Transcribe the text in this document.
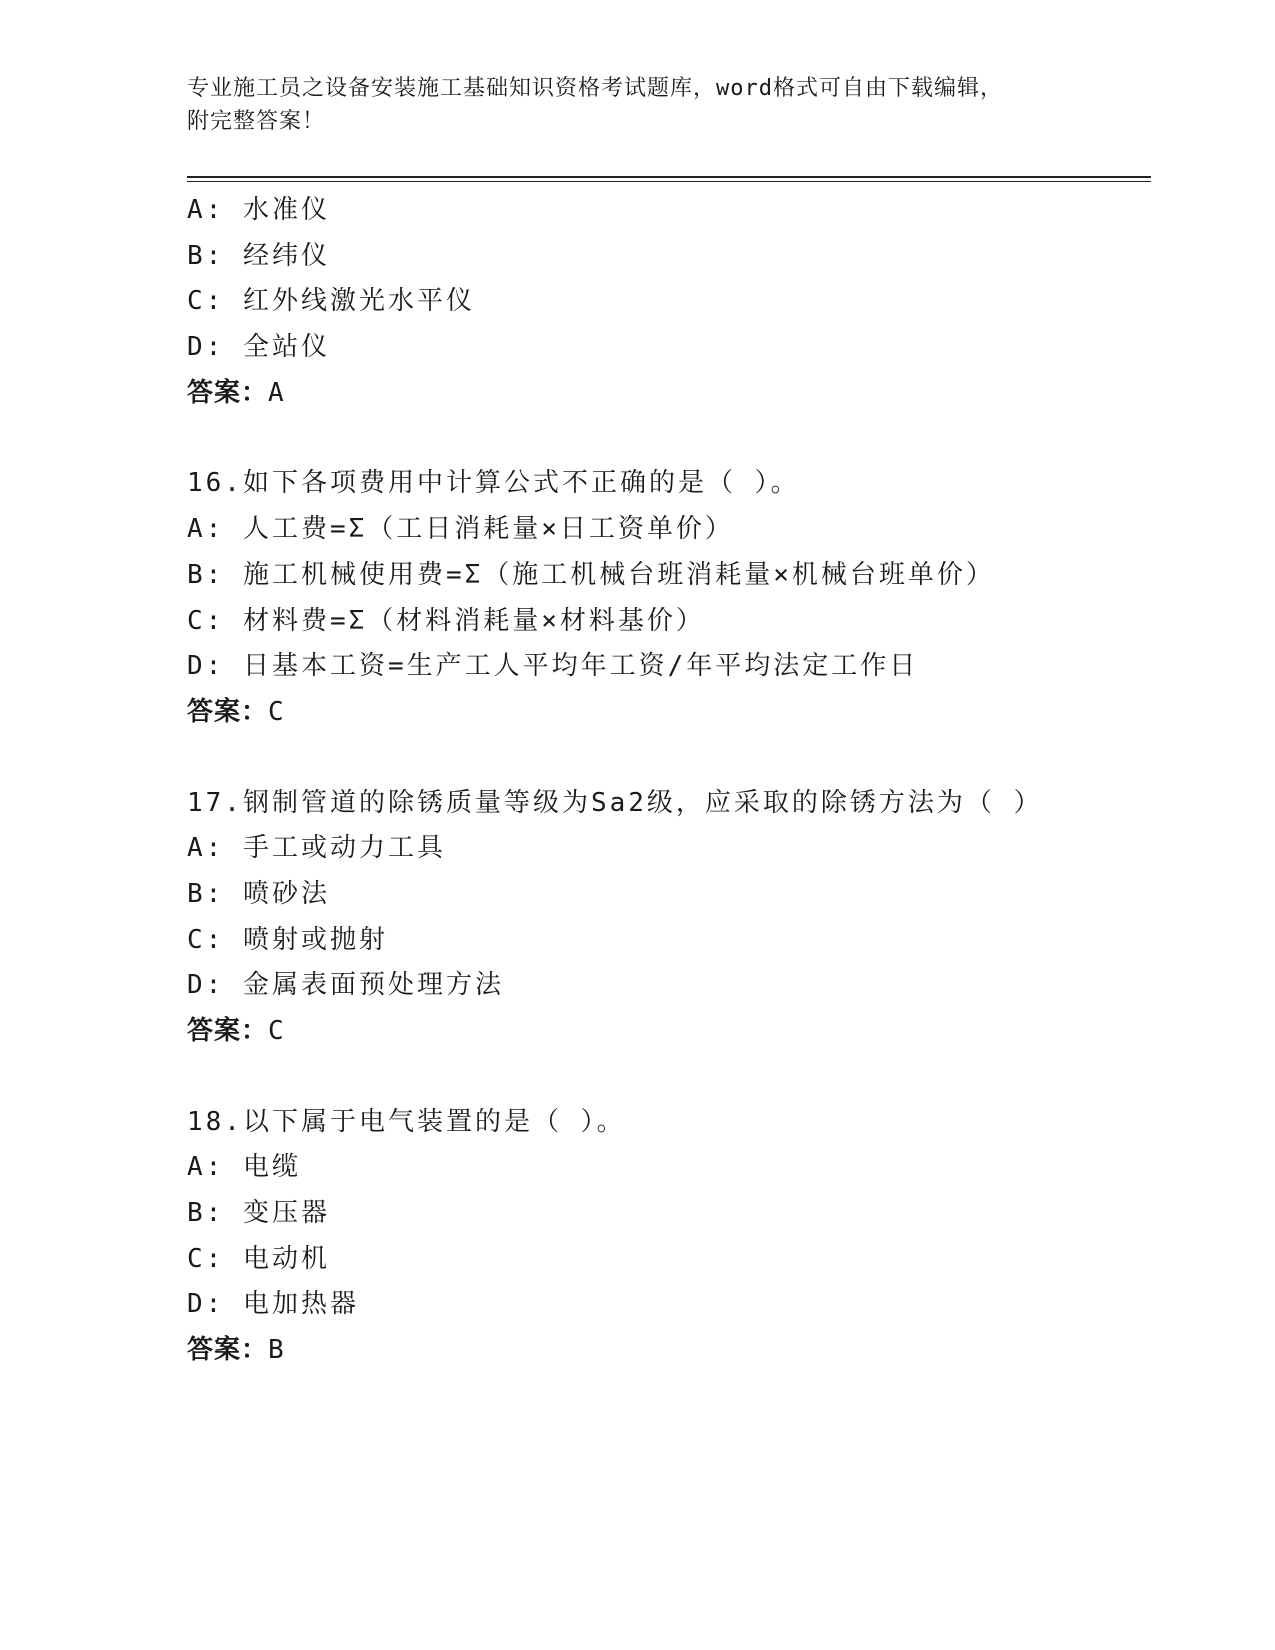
专业施工员之设备安装施工基础知识资格考试题库，word格式可自由下载编辑，
附完整答案！
A: 水准仪
B: 经纬仪
C: 红外线激光水平仪
D: 全站仪
答案：A
16.如下各项费用中计算公式不正确的是（ ）。
A: 人工费=Σ（工日消耗量×日工资单价）
B: 施工机械使用费=Σ（施工机械台班消耗量×机械台班单价）
C: 材料费=Σ（材料消耗量×材料基价）
D: 日基本工资=生产工人平均年工资/年平均法定工作日
答案：C
17.钢制管道的除锈质量等级为Sa2级，应采取的除锈方法为（ ）
A: 手工或动力工具
B: 喷砂法
C: 喷射或抛射
D: 金属表面预处理方法
答案：C
18.以下属于电气装置的是（ ）。
A: 电缆
B: 变压器
C: 电动机
D: 电加热器
答案：B
